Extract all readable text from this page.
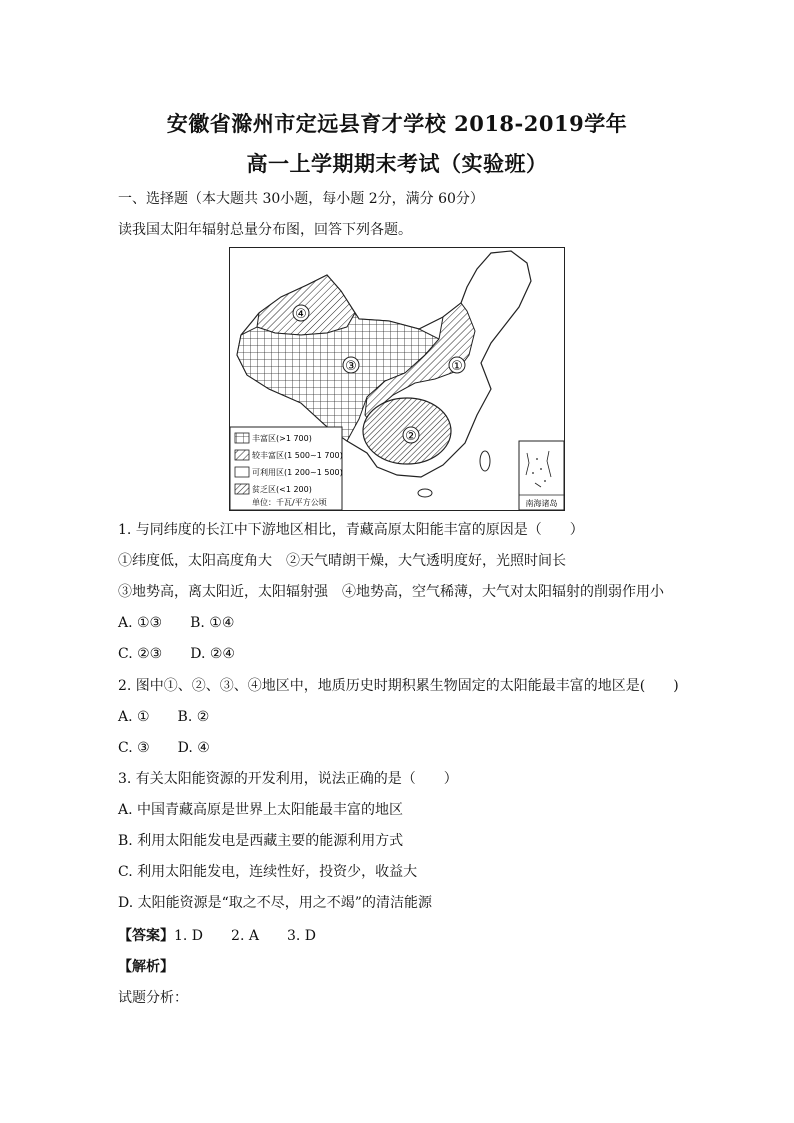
安徽省滁州市定远县育才学校 2018-2019学年
高一上学期期末考试（实验班）
一、选择题（本大题共 30小题，每小题 2分，满分 60分）
读我国太阳年辐射总量分布图，回答下列各题。
①
②
③
④
丰富区(>1 700)
较丰富区(1 500~1 700)
可利用区(1 200~1 500)
贫乏区(<1 200)
单位：千瓦/平方公顷	南海诸岛
1. 与同纬度的长江中下游地区相比，青藏高原太阳能丰富的原因是（　　）
①纬度低，太阳高度角大　②天气晴朗干燥，大气透明度好，光照时间长
③地势高，离太阳近，太阳辐射强　④地势高，空气稀薄，大气对太阳辐射的削弱作用小
A. ①③　　B. ①④
C. ②③　　D. ②④
2. 图中①、②、③、④地区中，地质历史时期积累生物固定的太阳能最丰富的地区是(　　)
A. ①　　B. ②
C. ③　　D. ④
3. 有关太阳能资源的开发利用，说法正确的是（　　）
A. 中国青藏高原是世界上太阳能最丰富的地区
B. 利用太阳能发电是西藏主要的能源利用方式
C. 利用太阳能发电，连续性好，投资少，收益大
D. 太阳能资源是“取之不尽，用之不竭”的清洁能源
【答案】1. D　　2. A　　3. D
【解析】
试题分析：
